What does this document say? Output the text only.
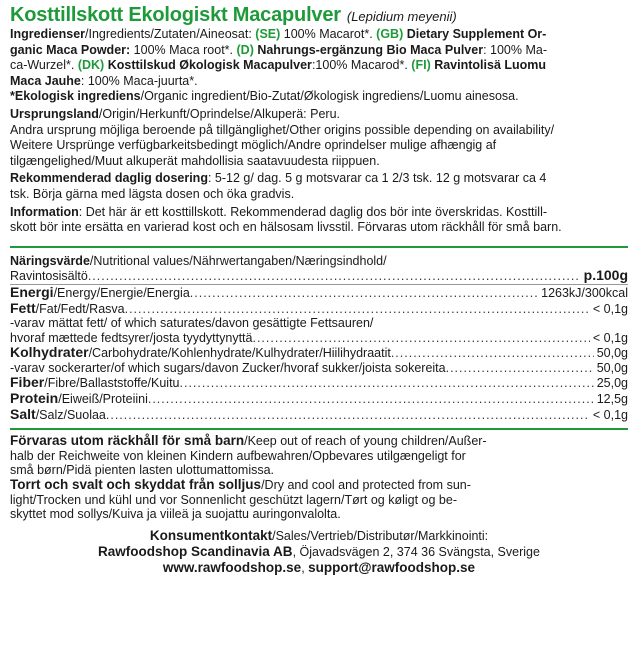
Kosttillskott Ekologiskt Macapulver (Lepidium meyenii)

Ingredienser/Ingredients/Zutaten/Aineosat: (SE) 100% Macarot*. (GB) Dietary Supplement Or-
ganic Maca Powder: 100% Maca root*. (D) Nahrungs-ergänzung Bio Maca Pulver: 100% Ma-
ca-Wurzel*. (DK) Kosttilskud Økologisk Macapulver:100% Macarod*. (FI) Ravintolisä Luomu
Maca Jauhe: 100% Maca-juurta*.

*Ekologisk ingrediens/Organic ingredient/Bio-Zutat/Økologisk ingrediens/Luomu ainesosa.

Ursprungsland/Origin/Herkunft/Oprindelse/Alkuperä: Peru.
Andra ursprung möjliga beroende på tillgänglighet/Other origins possible depending on availability/
Weitere Ursprünge verfügbarkeitsbedingt möglich/Andre oprindelser mulige afhængig af
tilgængelighed/Muut alkuperät mahdollisia saatavuudesta riippuen.

Rekommenderad daglig dosering: 5-12 g/ dag. 5 g motsvarar ca 1 2/3 tsk. 12 g motsvarar ca 4
tsk. Börja gärna med lägsta dosen och öka gradvis.

Information: Det här är ett kosttillskott. Rekommenderad daglig dos bör inte överskridas. Kosttill-
skott bör inte ersätta en varierad kost och en hälsosam livsstil. Förvaras utom räckhåll för små barn.

Näringsvärde/Nutritional values/Nährwertangaben/Næringsindhold/
Ravintosisältö .....	p.100g
Energi/Energy/Energie/Energia .....	1263kJ/300kcal
Fett/Fat/Fedt/Rasva .....	< 0,1g
-varav mättat fett/ of which saturates/davon gesättigte Fettsauren/
hvoraf mættede fedtsyrer/josta tyydyttynyttä .....	< 0,1g
Kolhydrater/Carbohydrate/Kohlenhydrate/Kulhydrater/Hiilihydraatit .....	50,0g
-varav sockerarter/of which sugars/davon Zucker/hvoraf sukker/joista sokereita .....	50,0g
Fiber/Fibre/Ballaststoffe/Kuitu .....	25,0g
Protein/Eiweiß/Proteiini .....	12,5g
Salt/Salz/Suolaa .....	< 0,1g
Förvaras utom räckhåll för små barn/Keep out of reach of young children/Außer-
halb der Reichweite von kleinen Kindern aufbewahren/Opbevares utilgængeligt for
små børn/Pidä pienten lasten ulottumattomissa.
Torrt och svalt och skyddat från solljus/Dry and cool and protected from sun-
light/Trocken und kühl und vor Sonnenlicht geschützt lagern/Tørt og køligt og be-
skyttet mod sollys/Kuiva ja viileä ja suojattu auringonvalolta.
Konsumentkontakt/Sales/Vertrieb/Distributør/Markkinointi:
Rawfoodshop Scandinavia AB, Öjavadsvägen 2, 374 36 Svängsta, Sverige
www.rawfoodshop.se, support@rawfoodshop.se
